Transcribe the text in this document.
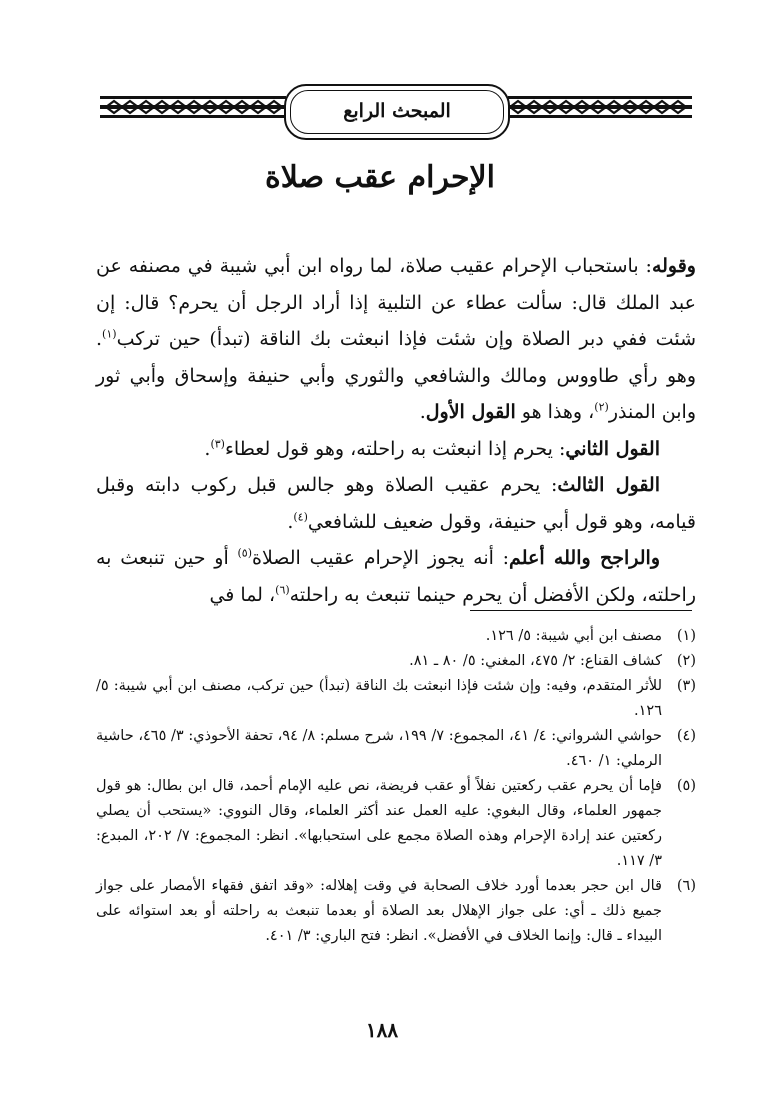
المبحث الرابع
الإحرام عقب صلاة

وقوله: باستحباب الإحرام عقيب صلاة، لما رواه ابن أبي شيبة في مصنفه عن عبد الملك قال: سألت عطاء عن التلبية إذا أراد الرجل أن يحرم؟ قال: إن شئت ففي دبر الصلاة وإن شئت فإذا انبعثت بك الناقة (تبدأ) حين تركب$^{(١)}$. وهو رأي طاووس ومالك والشافعي والثوري وأبي حنيفة وإسحاق وأبي ثور وابن المنذر$^{(٢)}$، وهذا هو القول الأول.

القول الثاني: يحرم إذا انبعثت به راحلته، وهو قول لعطاء$^{(٣)}$.

القول الثالث: يحرم عقيب الصلاة وهو جالس قبل ركوب دابته وقبل قيامه، وهو قول أبي حنيفة، وقول ضعيف للشافعي$^{(٤)}$.

والراجح والله أعلم: أنه يجوز الإحرام عقيب الصلاة$^{(٥)}$ أو حين تنبعث به راحلته، ولكن الأفضل أن يحرم حينما تنبعث به راحلته$^{(٦)}$، لما في

(١)
مصنف ابن أبي شيبة: ٥/ ١٢٦.
(٢)
كشاف القناع: ٢/ ٤٧٥، المغني: ٥/ ٨٠ ـ ٨١.
(٣)
للأثر المتقدم، وفيه: وإن شئت فإذا انبعثت بك الناقة (تبدأ) حين تركب، مصنف ابن أبي شيبة: ٥/ ١٢٦.
(٤)
حواشي الشرواني: ٤/ ٤١، المجموع: ٧/ ١٩٩، شرح مسلم: ٨/ ٩٤، تحفة الأحوذي: ٣/ ٤٦٥، حاشية الرملي: ١/ ٤٦٠.
(٥)
فإما أن يحرم عقب ركعتين نفلاً أو عقب فريضة، نص عليه الإمام أحمد، قال ابن بطال: هو قول جمهور العلماء، وقال البغوي: عليه العمل عند أكثر العلماء، وقال النووي: «يستحب أن يصلي ركعتين عند إرادة الإحرام وهذه الصلاة مجمع على استحبابها». انظر: المجموع: ٧/ ٢٠٢، المبدع: ٣/ ١١٧.
(٦)
قال ابن حجر بعدما أورد خلاف الصحابة في وقت إهلاله: «وقد اتفق فقهاء الأمصار على جواز جميع ذلك ـ أي: على جواز الإهلال بعد الصلاة أو بعدما تنبعث به راحلته أو بعد استوائه على البيداء ـ قال: وإنما الخلاف في الأفضل». انظر: فتح الباري: ٣/ ٤٠١.
١٨٨
